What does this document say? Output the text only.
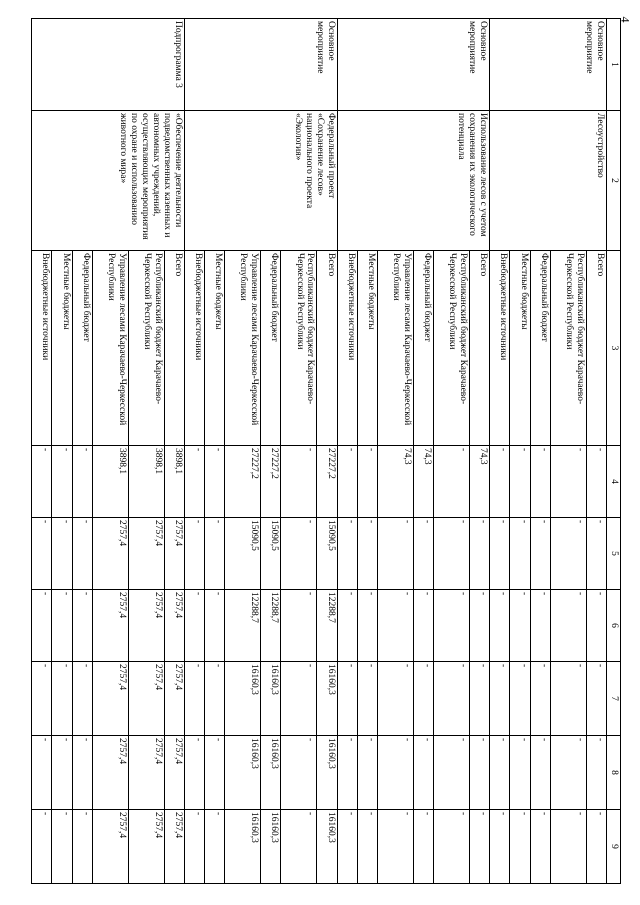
4
1	2	3	4	5	6	7	8	9
Основное мероприятие	Лесоустройство	Всего	-	-	-	-	-	-
		Республиканский бюджет Карачаево-Черкесской Республики	-	-	-	-	-	-
		Федеральный бюджет	-	-	-	-	-	-
		Местные бюджеты	-	-	-	-	-	-
		Внебюджетные источники	-	-	-	-	-	-
Основное мероприятие	Использование лесов с учетом сохранения их экологического потенциала	Всего	74,3	-	-	-	-	-
		Республиканский бюджет Карачаево-Черкесской Республики	-	-	-	-	-	-
		Федеральный бюджет	74,3	-	-	-	-	-
		Управление лесами Карачаево-Черкесской Республики	74,3	-	-	-	-	-
		Местные бюджеты	-	-	-	-	-	-
		Внебюджетные источники	-	-	-	-	-	-
Основное мероприятие	Федеральный проект «Сохранение лесов» национального проекта «Экология»	Всего	27227,2	15090,5	12288,7	16160,3	16160,3	16160,3
		Республиканский бюджет Карачаево-Черкесской Республики	-	-	-	-	-	-
		Федеральный бюджет	27227,2	15090,5	12288,7	16160,3	16160,3	16160,3
		Управление лесами Карачаево-Черкесской Республики	27227,2	15090,5	12288,7	16160,3	16160,3	16160,3
		Местные бюджеты	-	-	-	-	-	-
		Внебюджетные источники	-	-	-	-	-	-
Подпрограмма 3	«Обеспечение деятельности подведомственных казенных и автономных учреждений, осуществляющих мероприятия по охране и использованию животного мира»	Всего	3898,1	2757,4	2757,4	2757,4	2757,4	2757,4
		Республиканский бюджет Карачаево-Черкесской Республики	3898,1	2757,4	2757,4	2757,4	2757,4	2757,4
		Управление лесами Карачаево-Черкесской Республики	3898,1	2757,4	2757,4	2757,4	2757,4	2757,4
		Федеральный бюджет	-	-	-	-	-	-
		Местные бюджеты	-	-	-	-	-	-
		Внебюджетные источники	-	-	-	-	-	-
